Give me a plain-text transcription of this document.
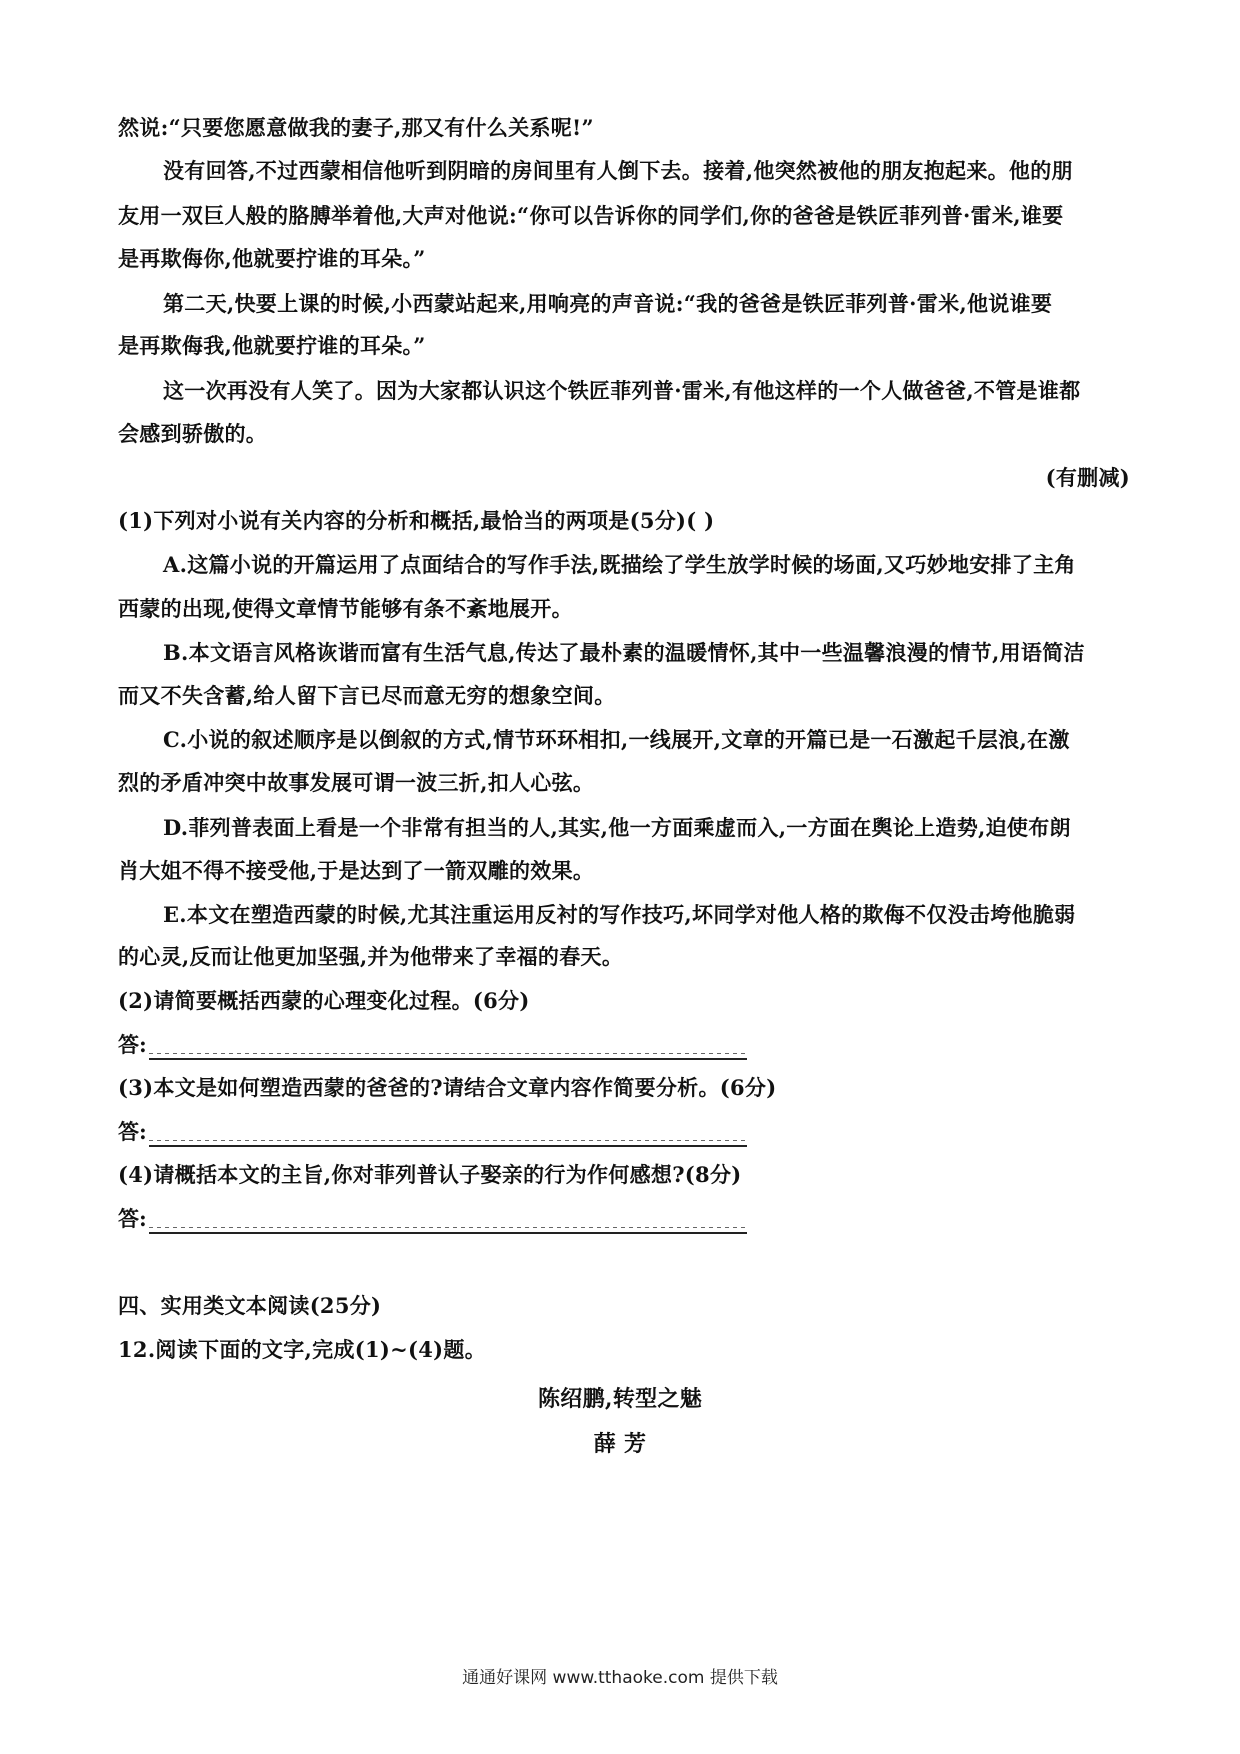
然说:“只要您愿意做我的妻子,那又有什么关系呢!”
没有回答,不过西蒙相信他听到阴暗的房间里有人倒下去。接着,他突然被他的朋友抱起来。他的朋
友用一双巨人般的胳膊举着他,大声对他说:“你可以告诉你的同学们,你的爸爸是铁匠菲列普·雷米,谁要
是再欺侮你,他就要拧谁的耳朵。”
第二天,快要上课的时候,小西蒙站起来,用响亮的声音说:“我的爸爸是铁匠菲列普·雷米,他说谁要
是再欺侮我,他就要拧谁的耳朵。”
这一次再没有人笑了。因为大家都认识这个铁匠菲列普·雷米,有他这样的一个人做爸爸,不管是谁都
会感到骄傲的。
(有删减)
(1)下列对小说有关内容的分析和概括,最恰当的两项是(5分)( )
A.这篇小说的开篇运用了点面结合的写作手法,既描绘了学生放学时候的场面,又巧妙地安排了主角
西蒙的出现,使得文章情节能够有条不紊地展开。
B.本文语言风格诙谐而富有生活气息,传达了最朴素的温暖情怀,其中一些温馨浪漫的情节,用语简洁
而又不失含蓄,给人留下言已尽而意无穷的想象空间。
C.小说的叙述顺序是以倒叙的方式,情节环环相扣,一线展开,文章的开篇已是一石激起千层浪,在激
烈的矛盾冲突中故事发展可谓一波三折,扣人心弦。
D.菲列普表面上看是一个非常有担当的人,其实,他一方面乘虚而入,一方面在舆论上造势,迫使布朗
肖大姐不得不接受他,于是达到了一箭双雕的效果。
E.本文在塑造西蒙的时候,尤其注重运用反衬的写作技巧,坏同学对他人格的欺侮不仅没击垮他脆弱
的心灵,反而让他更加坚强,并为他带来了幸福的春天。
(2)请简要概括西蒙的心理变化过程。(6分)
答:
(3)本文是如何塑造西蒙的爸爸的?请结合文章内容作简要分析。(6分)
答:
(4)请概括本文的主旨,你对菲列普认子娶亲的行为作何感想?(8分)
答:
四、实用类文本阅读(25分)
12.阅读下面的文字,完成(1)~(4)题。
陈绍鹏,转型之魅
薛 芳
通通好课网 www.tthaoke.com 提供下载
